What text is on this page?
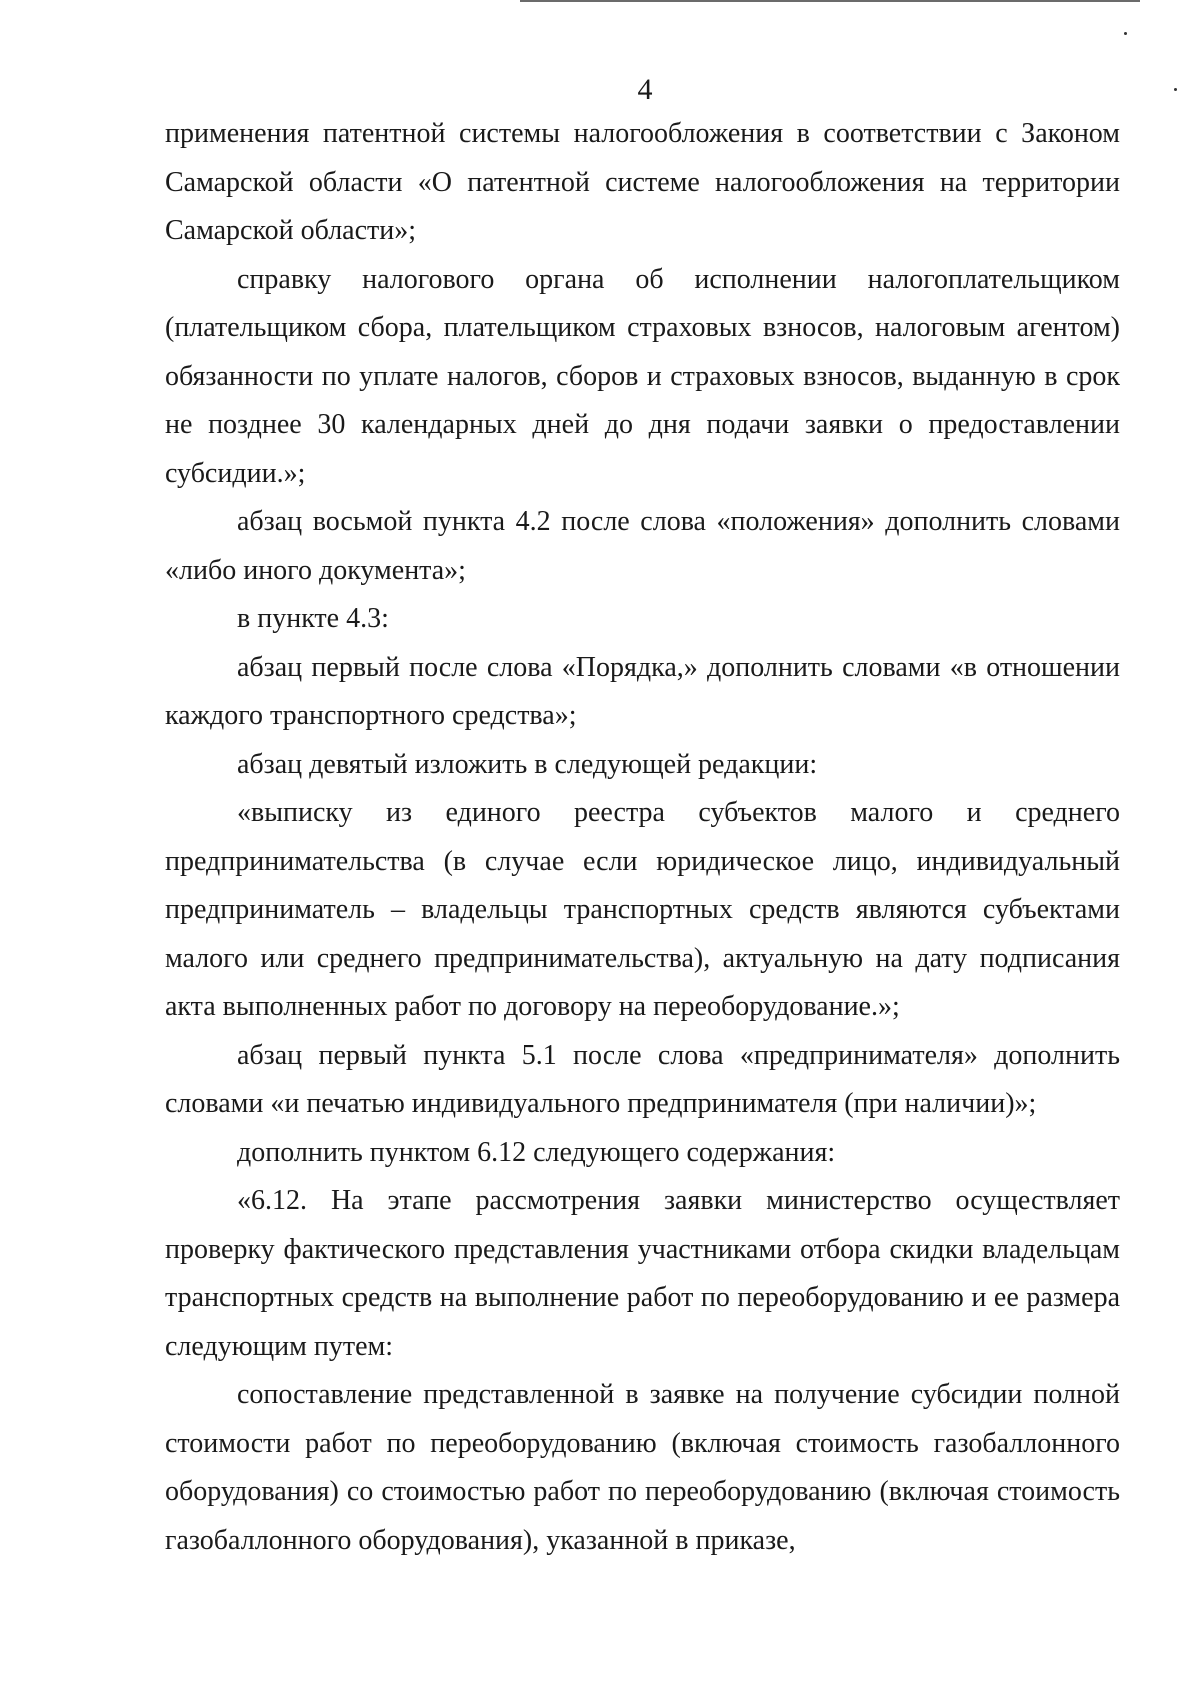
4

применения патентной системы налогообложения в соответствии с Законом Самарской области «О патентной системе налогообложения на территории Самарской области»;

справку налогового органа об исполнении налогоплательщиком (плательщиком сбора, плательщиком страховых взносов, налоговым агентом) обязанности по уплате налогов, сборов и страховых взносов, выданную в срок не позднее 30 календарных дней до дня подачи заявки о предоставлении субсидии.»;

абзац восьмой пункта 4.2 после слова «положения» дополнить словами «либо иного документа»;

в пункте 4.3:

абзац первый после слова «Порядка,» дополнить словами «в отношении каждого транспортного средства»;

абзац девятый изложить в следующей редакции:

«выписку из единого реестра субъектов малого и среднего предпринимательства (в случае если юридическое лицо, индивидуальный предприниматель – владельцы транспортных средств являются субъектами малого или среднего предпринимательства), актуальную на дату подписания акта выполненных работ по договору на переоборудование.»;

абзац первый пункта 5.1 после слова «предпринимателя» дополнить словами «и печатью индивидуального предпринимателя (при наличии)»;

дополнить пунктом 6.12 следующего содержания:

«6.12. На этапе рассмотрения заявки министерство осуществляет проверку фактического представления участниками отбора скидки владельцам транспортных средств на выполнение работ по переоборудованию и ее размера следующим путем:

сопоставление представленной в заявке на получение субсидии полной стоимости работ по переоборудованию (включая стоимость газобаллонного оборудования) со стоимостью работ по переоборудованию (включая стоимость газобаллонного оборудования), указанной в приказе,
